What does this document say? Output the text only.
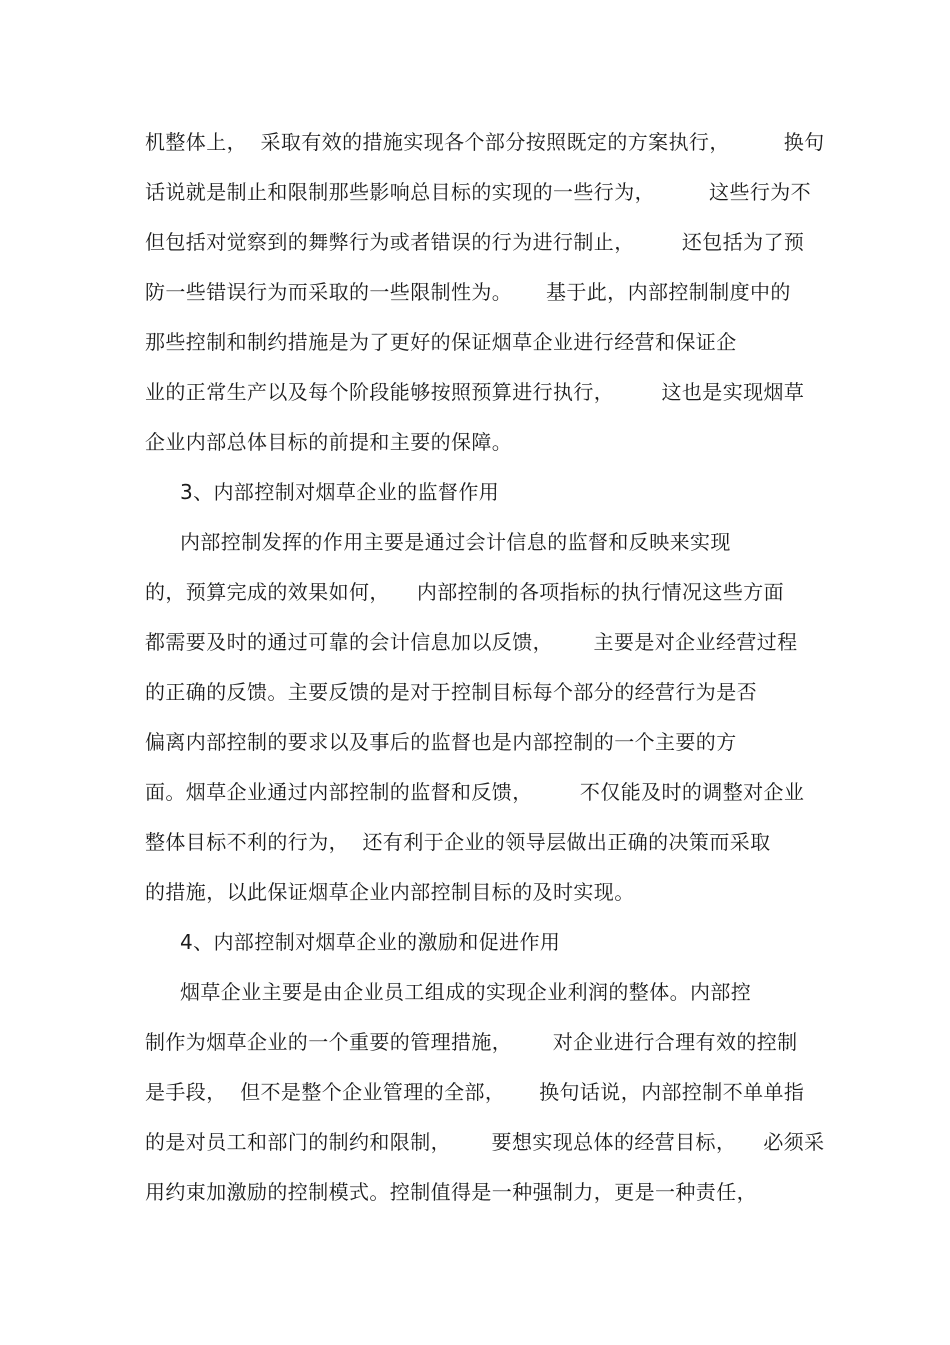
机整体上，  采取有效的措施实现各个部分按照既定的方案执行，        换句
话说就是制止和限制那些影响总目标的实现的一些行为，        这些行为不
但包括对觉察到的舞弊行为或者错误的行为进行制止，       还包括为了预
防一些错误行为而采取的一些限制性为。     基于此，内部控制制度中的
那些控制和制约措施是为了更好的保证烟草企业进行经营和保证企
业的正常生产以及每个阶段能够按照预算进行执行，       这也是实现烟草
企业内部总体目标的前提和主要的保障。
3、内部控制对烟草企业的监督作用
内部控制发挥的作用主要是通过会计信息的监督和反映来实现
的，预算完成的效果如何，    内部控制的各项指标的执行情况这些方面
都需要及时的通过可靠的会计信息加以反馈，      主要是对企业经营过程
的正确的反馈。主要反馈的是对于控制目标每个部分的经营行为是否
偏离内部控制的要求以及事后的监督也是内部控制的一个主要的方
面。烟草企业通过内部控制的监督和反馈，       不仅能及时的调整对企业
整体目标不利的行为，  还有利于企业的领导层做出正确的决策而采取
的措施，以此保证烟草企业内部控制目标的及时实现。
4、内部控制对烟草企业的激励和促进作用
烟草企业主要是由企业员工组成的实现企业利润的整体。内部控
制作为烟草企业的一个重要的管理措施，      对企业进行合理有效的控制
是手段，  但不是整个企业管理的全部，     换句话说，内部控制不单单指
的是对员工和部门的制约和限制，      要想实现总体的经营目标，    必须采
用约束加激励的控制模式。控制值得是一种强制力，更是一种责任，
